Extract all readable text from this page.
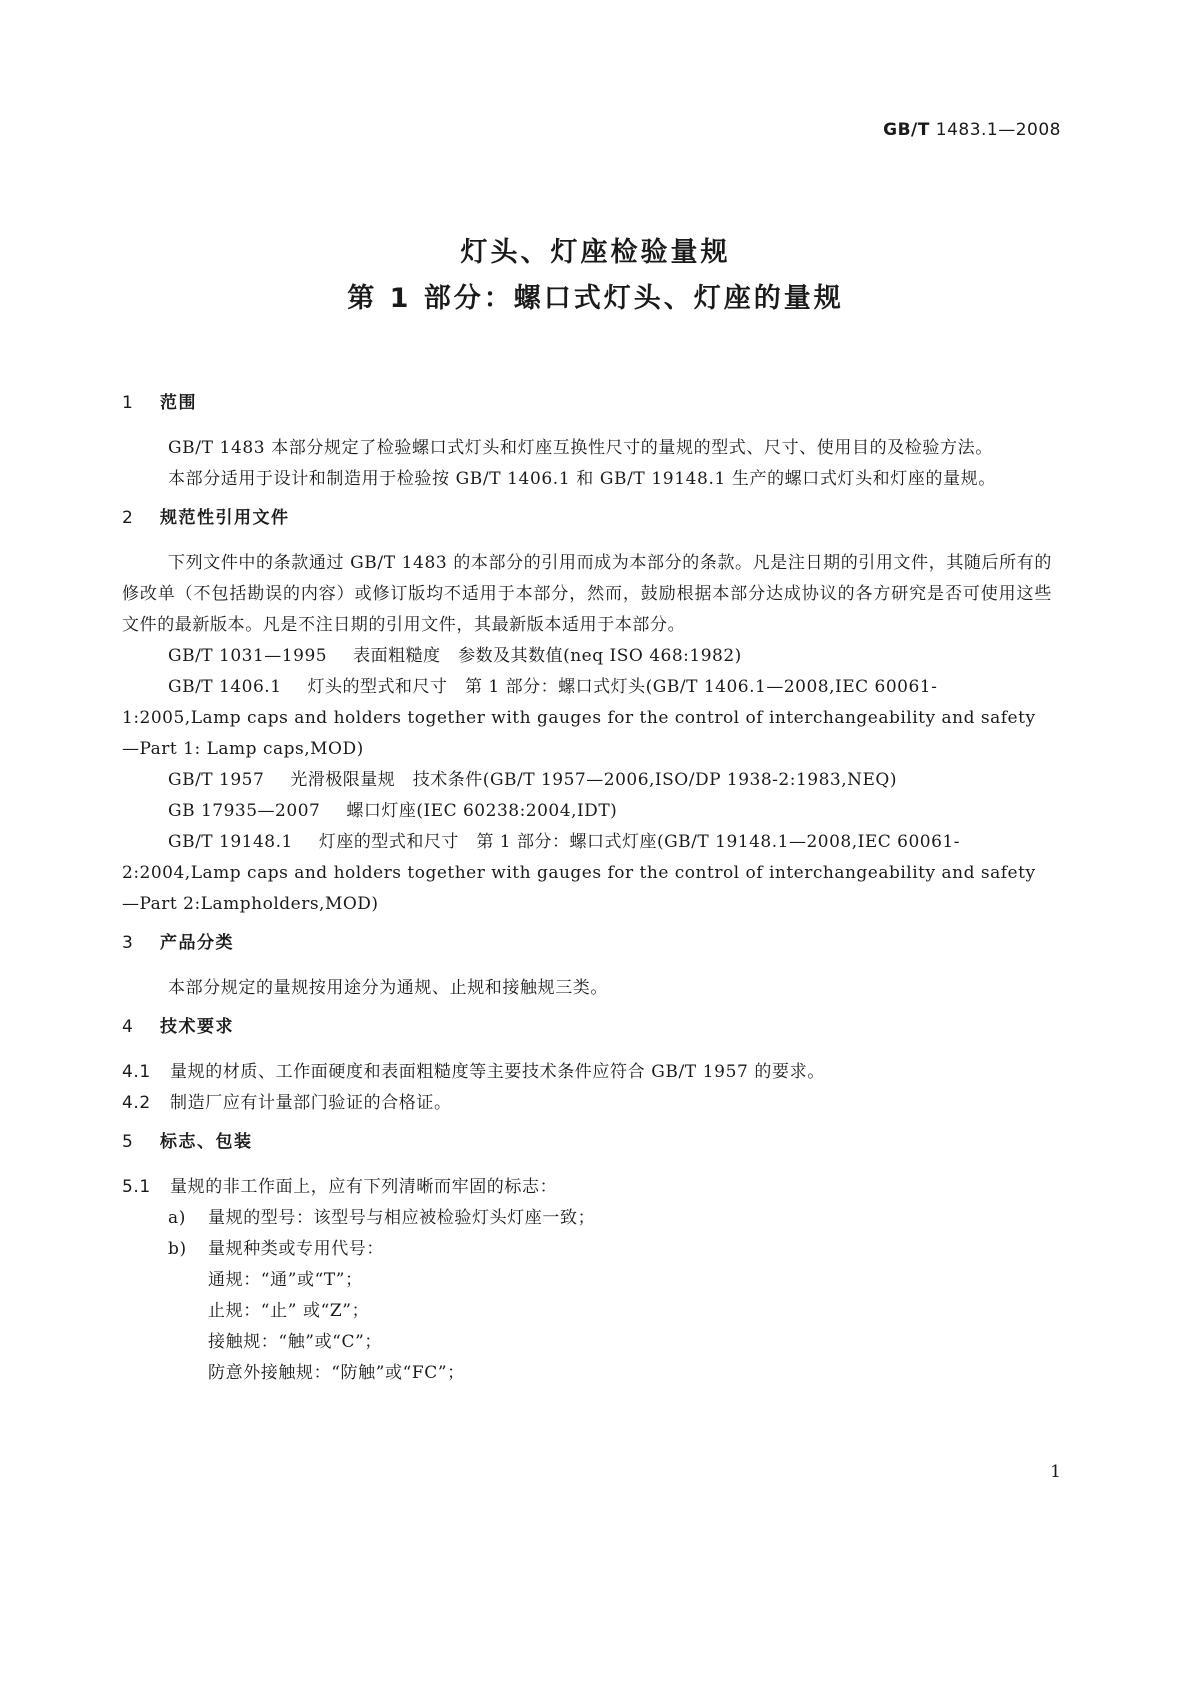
GB/T 1483.1—2008
灯头、灯座检验量规
第 1 部分：螺口式灯头、灯座的量规
1 范围

GB/T 1483 本部分规定了检验螺口式灯头和灯座互换性尺寸的量规的型式、尺寸、使用目的及检验方法。

本部分适用于设计和制造用于检验按 GB/T 1406.1 和 GB/T 19148.1 生产的螺口式灯头和灯座的量规。

2 规范性引用文件

下列文件中的条款通过 GB/T 1483 的本部分的引用而成为本部分的条款。凡是注日期的引用文件，其随后所有的修改单（不包括勘误的内容）或修订版均不适用于本部分，然而，鼓励根据本部分达成协议的各方研究是否可使用这些文件的最新版本。凡是不注日期的引用文件，其最新版本适用于本部分。

GB/T 1031—1995 表面粗糙度　参数及其数值(neq ISO 468:1982)

GB/T 1406.1 灯头的型式和尺寸　第 1 部分：螺口式灯头(GB/T 1406.1—2008,IEC 60061-1:2005,Lamp caps and holders together with gauges for the control of interchangeability and safety—Part 1: Lamp caps,MOD)

GB/T 1957 光滑极限量规　技术条件(GB/T 1957—2006,ISO/DP 1938-2:1983,NEQ)

GB 17935—2007 螺口灯座(IEC 60238:2004,IDT)

GB/T 19148.1 灯座的型式和尺寸　第 1 部分：螺口式灯座(GB/T 19148.1—2008,IEC 60061-2:2004,Lamp caps and holders together with gauges for the control of interchangeability and safety—Part 2:Lampholders,MOD)

3 产品分类

本部分规定的量规按用途分为通规、止规和接触规三类。

4 技术要求

4.1 量规的材质、工作面硬度和表面粗糙度等主要技术条件应符合 GB/T 1957 的要求。

4.2 制造厂应有计量部门验证的合格证。

5 标志、包装

5.1 量规的非工作面上，应有下列清晰而牢固的标志：

a) 量规的型号：该型号与相应被检验灯头灯座一致；

b) 量规种类或专用代号：

通规：“通”或“T”；

止规：“止” 或“Z”；

接触规：“触”或“C”；

防意外接触规：“防触”或“FC”；

1
